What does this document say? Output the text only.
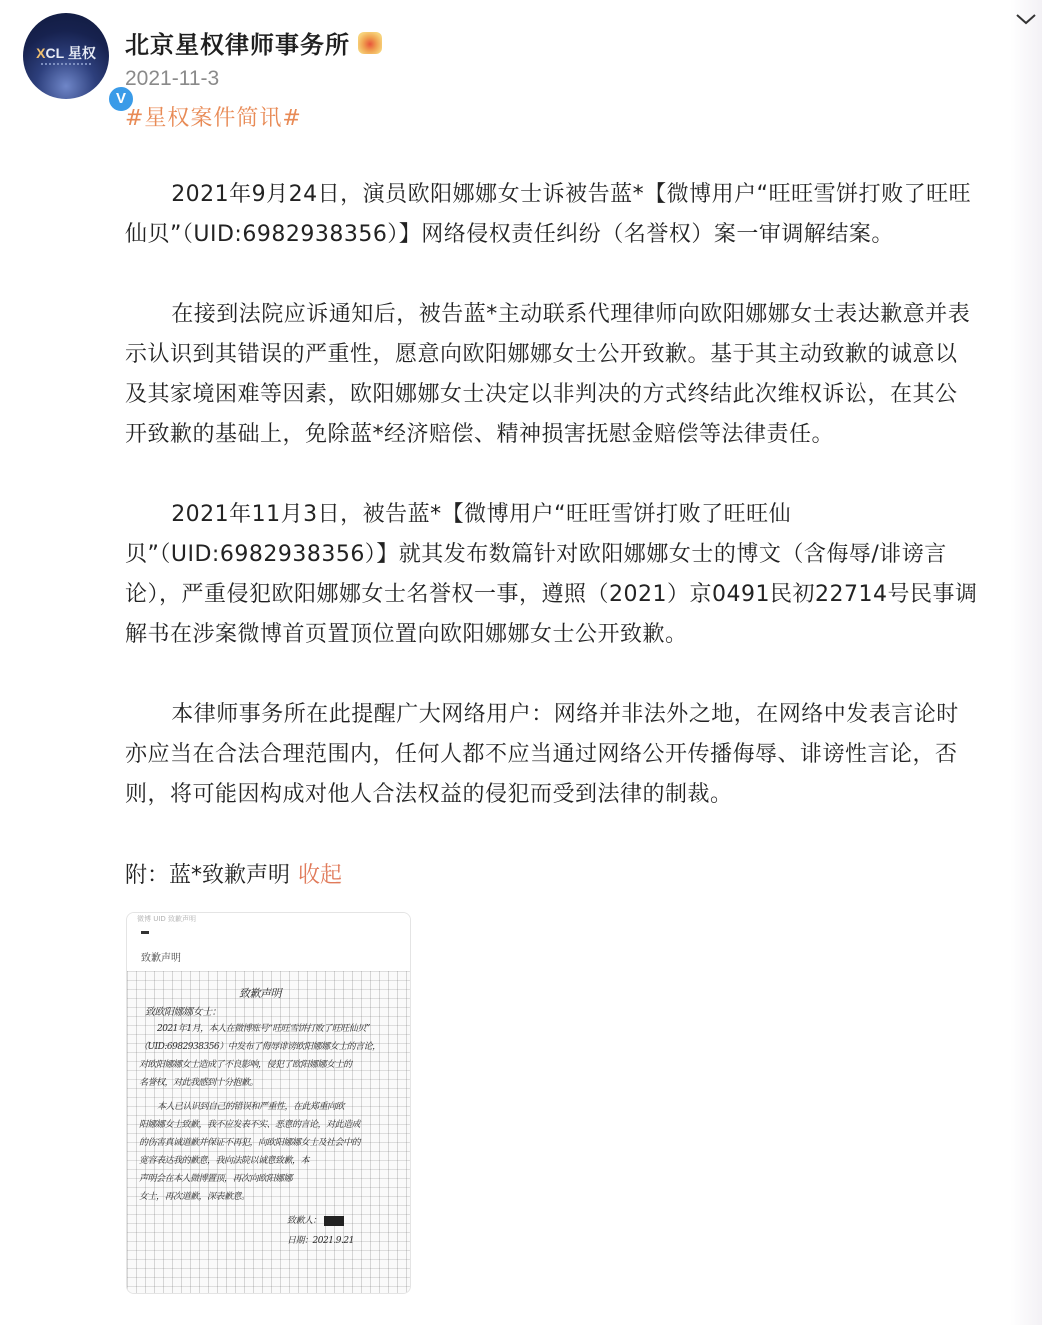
XCL 星权
V
北京星权律师事务所
2021-11-3
#星权案件简讯#
2021年9月24日，演员欧阳娜娜女士诉被告蓝*【微博用户“旺旺雪饼打败了旺旺
仙贝”（UID:6982938356）】网络侵权责任纠纷（名誉权）案一审调解结案。
在接到法院应诉通知后，被告蓝*主动联系代理律师向欧阳娜娜女士表达歉意并表
示认识到其错误的严重性，愿意向欧阳娜娜女士公开致歉。基于其主动致歉的诚意以
及其家境困难等因素，欧阳娜娜女士决定以非判决的方式终结此次维权诉讼，在其公
开致歉的基础上，免除蓝*经济赔偿、精神损害抚慰金赔偿等法律责任。
2021年11月3日，被告蓝*【微博用户“旺旺雪饼打败了旺旺仙
贝”（UID:6982938356）】就其发布数篇针对欧阳娜娜女士的博文（含侮辱/诽谤言
论），严重侵犯欧阳娜娜女士名誉权一事，遵照（2021）京0491民初22714号民事调
解书在涉案微博首页置顶位置向欧阳娜娜女士公开致歉。
本律师事务所在此提醒广大网络用户：网络并非法外之地，在网络中发表言论时
亦应当在合法合理范围内，任何人都不应当通过网络公开传播侮辱、诽谤性言论，否
则，将可能因构成对他人合法权益的侵犯而受到法律的制裁。
附：蓝*致歉声明 收起
微博 UID 致歉声明
致歉声明
致歉声明
致欧阳娜娜女士：
2021年1月，本人在微博账号“旺旺雪饼打败了旺旺仙贝”
（UID:6982938356）中发布了侮辱诽谤欧阳娜娜女士的言论，
对欧阳娜娜女士造成了不良影响，侵犯了欧阳娜娜女士的
名誉权，对此我感到十分抱歉。
本人已认识到自己的错误和严重性，在此郑重向欧
阳娜娜女士致歉，我不应发表不实、恶意的言论，对此造成
的伤害真诚道歉并保证不再犯，向欧阳娜娜女士及社会中的
宽容表达我的歉意，我向法院以诚意致歉，本
声明会在本人微博置顶，再次向欧阳娜娜
女士，再次道歉，深表歉意。
致歉人：
日期：2021.9.21
